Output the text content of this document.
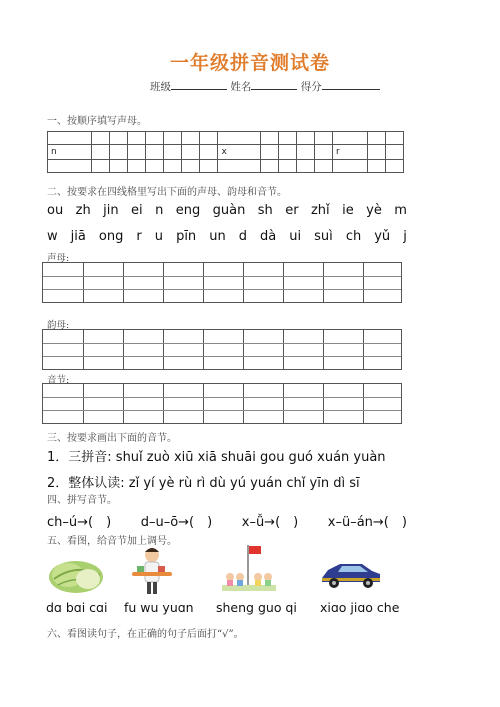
一年级拼音测试卷
班级	姓名	得分
一、按顺序填写声母。

n								x					r		

二、按要求在四线格里写出下面的声母、韵母和音节。
ou zh jin ei n eng guàn sh er zhǐ ie yè m
w jiā ong r u pīn un d dà ui suì ch yǔ j
声母:
韵母:
音节:
三、按要求画出下面的音节。
1．三拼音: shuǐ zuò xiū xiā shuāi gou guó xuán yuàn
2．整体认读: zǐ yí yè rù rì dù yú yuán chǐ yīn dì sī
四、拼写音节。
ch–ú→(　) d–u–ō→(　) x–ǚ→(　) x–ü–án→(　)
五、看图，给音节加上调号。
dɑ bɑi cɑi fu wu yuɑn sheng guo qi xiɑo jiɑo che
六、看图读句子，在正确的句子后面打“√”。
